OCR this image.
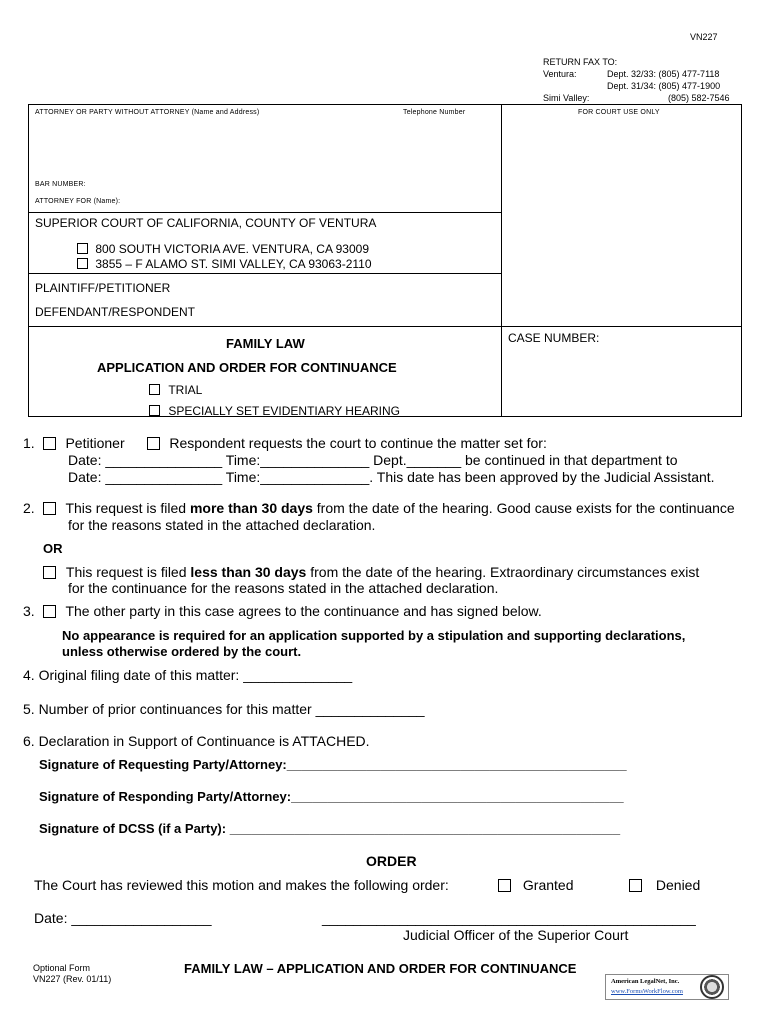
VN227
RETURN FAX TO:
Ventura:	Dept. 32/33: (805) 477-7118
Dept. 31/34: (805) 477-1900
Simi Valley:	(805) 582-7546
ATTORNEY OR PARTY WITHOUT ATTORNEY (Name and Address)	Telephone Number	FOR COURT USE ONLY
BAR NUMBER:
ATTORNEY FOR (Name):
SUPERIOR COURT OF CALIFORNIA, COUNTY OF VENTURA
800 SOUTH VICTORIA AVE. VENTURA, CA 93009
3855 – F ALAMO ST. SIMI VALLEY, CA 93063-2110
PLAINTIFF/PETITIONER
DEFENDANT/RESPONDENT
FAMILY LAW
APPLICATION AND ORDER FOR CONTINUANCE
TRIAL
SPECIALLY SET EVIDENTIARY HEARING
CASE NUMBER:
1. Petitioner	Respondent requests the court to continue the matter set for:
Date: _______________ Time:______________ Dept._______ be continued in that department to
Date: _______________ Time:______________. This date has been approved by the Judicial Assistant.
2. This request is filed more than 30 days from the date of the hearing. Good cause exists for the continuance
for the reasons stated in the attached declaration.
OR
This request is filed less than 30 days from the date of the hearing. Extraordinary circumstances exist
for the continuance for the reasons stated in the attached declaration.
3. The other party in this case agrees to the continuance and has signed below.
No appearance is required for an application supported by a stipulation and supporting declarations,
unless otherwise ordered by the court.
4. Original filing date of this matter: ______________
5. Number of prior continuances for this matter ______________
6. Declaration in Support of Continuance is ATTACHED.
Signature of Requesting Party/Attorney:_______________________________________________
Signature of Responding Party/Attorney:______________________________________________
Signature of DCSS (if a Party): ______________________________________________________
ORDER
The Court has reviewed this motion and makes the following order:	Granted	Denied
Date: __________________	________________________________________________
Judicial Officer of the Superior Court
Optional Form
VN227 (Rev. 01/11)
FAMILY LAW – APPLICATION AND ORDER FOR CONTINUANCE
American LegalNet, Inc.
www.FormsWorkFlow.com
